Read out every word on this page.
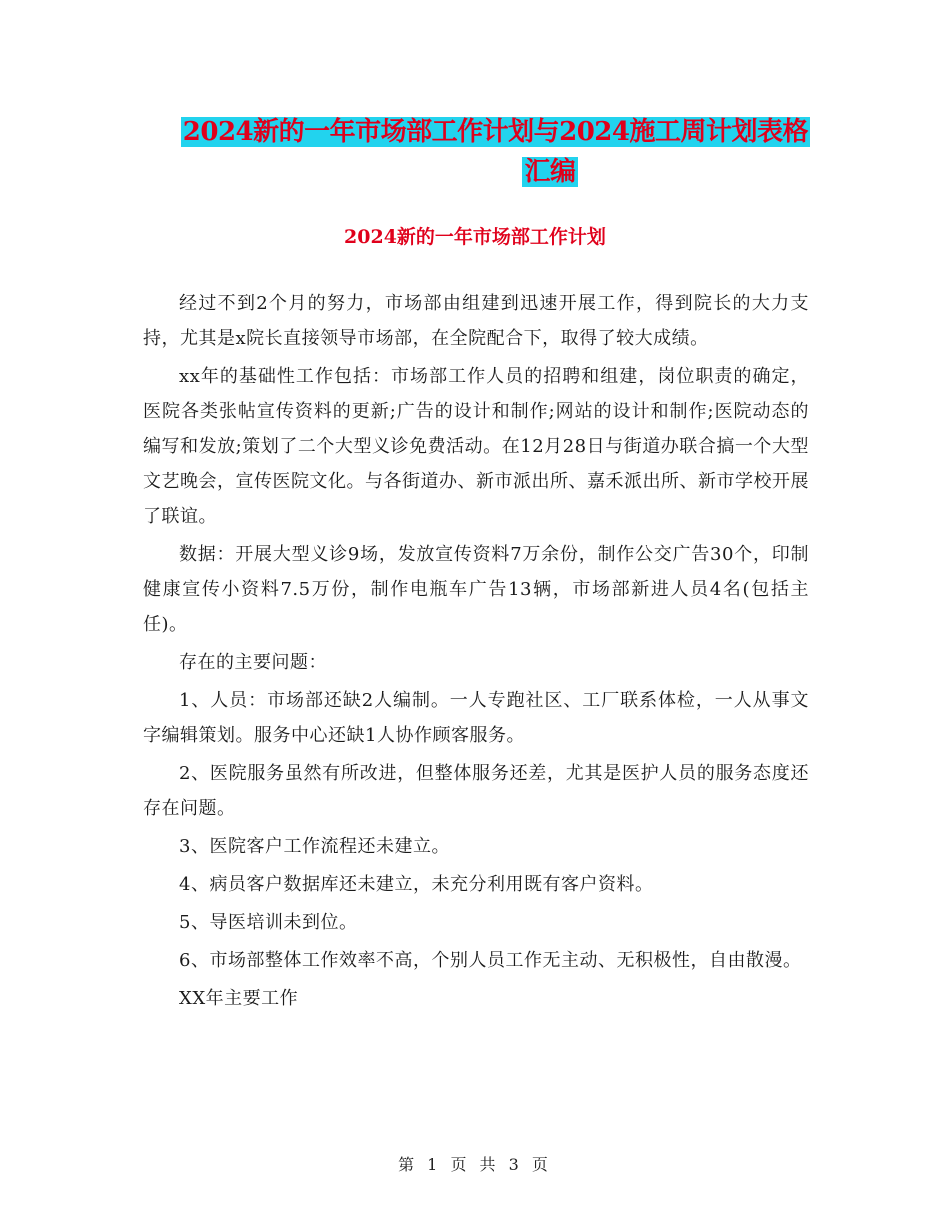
2024新的一年市场部工作计划与2024施工周计划表格
汇编
2024新的一年市场部工作计划

经过不到2个月的努力，市场部由组建到迅速开展工作，得到院长的大力支持，尤其是x院长直接领导市场部，在全院配合下，取得了较大成绩。

xx年的基础性工作包括：市场部工作人员的招聘和组建，岗位职责的确定，医院各类张帖宣传资料的更新;广告的设计和制作;网站的设计和制作;医院动态的编写和发放;策划了二个大型义诊免费活动。在12月28日与街道办联合搞一个大型文艺晚会，宣传医院文化。与各街道办、新市派出所、嘉禾派出所、新市学校开展了联谊。

数据：开展大型义诊9场，发放宣传资料7万余份，制作公交广告30个，印制健康宣传小资料7.5万份，制作电瓶车广告13辆，市场部新进人员4名(包括主任)。

存在的主要问题：

1、人员：市场部还缺2人编制。一人专跑社区、工厂联系体检，一人从事文字编辑策划。服务中心还缺1人协作顾客服务。

2、医院服务虽然有所改进，但整体服务还差，尤其是医护人员的服务态度还存在问题。

3、医院客户工作流程还未建立。

4、病员客户数据库还未建立，未充分利用既有客户资料。

5、导医培训未到位。

6、市场部整体工作效率不高，个别人员工作无主动、无积极性，自由散漫。

XX年主要工作

第 1 页 共 3 页
